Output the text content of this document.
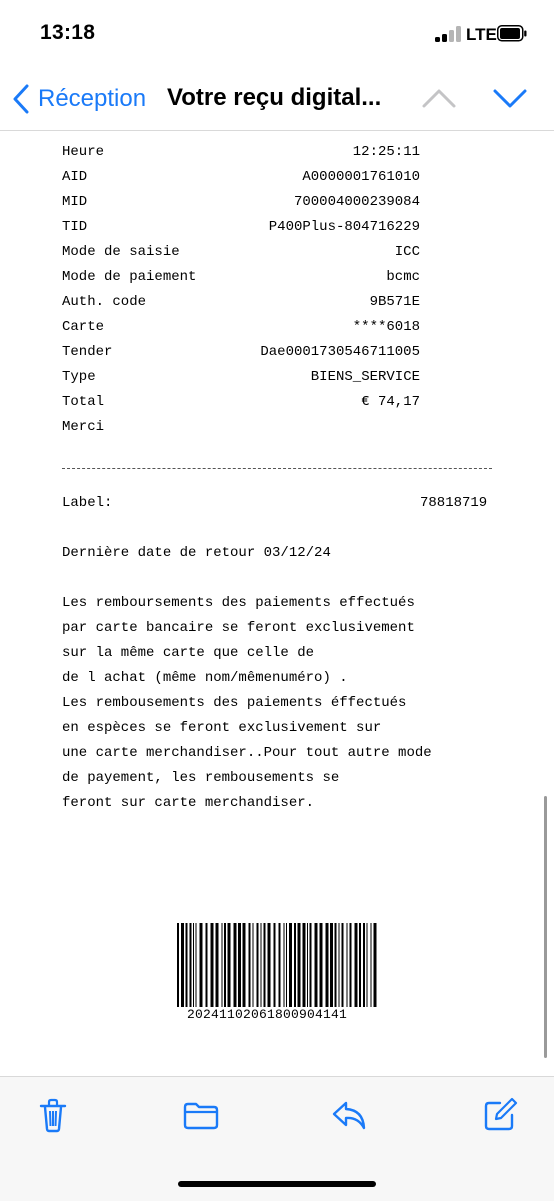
13:18	LTE
Réception Votre reçu digital...
Heure	12:25:11
AID	A0000001761010
MID	700004000239084
TID	P400Plus-804716229
Mode de saisie	ICC
Mode de paiement	bcmc
Auth. code	9B571E
Carte	****6018
Tender	Dae0001730546711005
Type	BIENS_SERVICE
Total	€ 74,17
Merci
Label:	78818719
Dernière date de retour 03/12/24
Les remboursements des paiements effectués
par carte bancaire se feront exclusivement
sur la même carte que celle de
de l achat (même nom/mêmenuméro) .
Les rembousements des paiements éffectués
en espèces se feront exclusivement sur
une carte merchandiser..Pour tout autre mode
de payement, les rembousements se
feront sur carte merchandiser.
20241102061800904141
